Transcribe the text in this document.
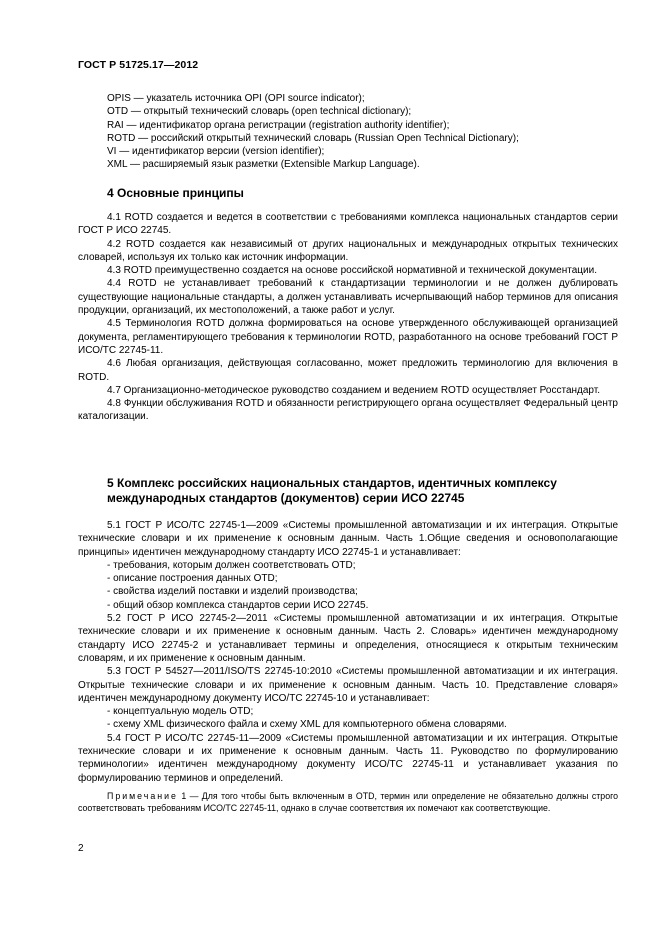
ГОСТ Р 51725.17—2012
OPIS — указатель источника OPI (OPI source indicator);
OTD — открытый технический словарь (open technical dictionary);
RAI — идентификатор органа регистрации (registration authority identifier);
ROTD — российский открытый технический словарь (Russian Open Technical Dictionary);
VI — идентификатор версии (version identifier);
XML — расширяемый язык разметки (Extensible Markup Language).
4 Основные принципы

4.1 ROTD создается и ведется в соответствии с требованиями комплекса национальных стандартов серии ГОСТ Р ИСО 22745.

4.2 ROTD создается как независимый от других национальных и международных открытых технических словарей, используя их только как источник информации.

4.3 ROTD преимущественно создается на основе российской нормативной и технической документации.

4.4 ROTD не устанавливает требований к стандартизации терминологии и не должен дублировать существующие национальные стандарты, а должен устанавливать исчерпывающий набор терминов для описания продукции, организаций, их местоположений, а также работ и услуг.

4.5 Терминология ROTD должна формироваться на основе утвержденного обслуживающей организацией документа, регламентирующего требования к терминологии ROTD, разработанного на основе требований ГОСТ Р ИСО/ТС 22745-11.

4.6 Любая организация, действующая согласованно, может предложить терминологию для включения в ROTD.

4.7 Организационно-методическое руководство созданием и ведением ROTD осуществляет Росстандарт.

4.8 Функции обслуживания ROTD и обязанности регистрирующего органа осуществляет Федеральный центр каталогизации.

5 Комплекс российских национальных стандартов, идентичных комплексу международных стандартов (документов) серии ИСО 22745

5.1 ГОСТ Р ИСО/ТС 22745-1—2009 «Системы промышленной автоматизации и их интеграция. Открытые технические словари и их применение к основным данным. Часть 1.Общие сведения и основополагающие принципы» идентичен международному стандарту ИСО 22745-1 и устанавливает:

- требования, которым должен соответствовать OTD;

- описание построения данных OTD;

- свойства изделий поставки и изделий производства;

- общий обзор комплекса стандартов серии ИСО 22745.

5.2 ГОСТ Р ИСО 22745-2—2011 «Системы промышленной автоматизации и их интеграция. Открытые технические словари и их применение к основным данным. Часть 2. Словарь» идентичен международному стандарту ИСО 22745-2 и устанавливает термины и определения, относящиеся к открытым техническим словарям, и их применение к основным данным.

5.3 ГОСТ Р 54527—2011/ISO/TS 22745-10:2010 «Системы промышленной автоматизации и их интеграция. Открытые технические словари и их применение к основным данным. Часть 10. Представление словаря» идентичен международному документу ИСО/ТС 22745-10 и устанавливает:

- концептуальную модель OTD;

- схему XML физического файла и схему XML для компьютерного обмена словарями.

5.4 ГОСТ Р ИСО/ТС 22745-11—2009 «Системы промышленной автоматизации и их интеграция. Открытые технические словари и их применение к основным данным. Часть 11. Руководство по формулированию терминологии» идентичен международному документу ИСО/ТС 22745-11 и устанавливает указания по формулированию терминов и определений.

Примечание 1 — Для того чтобы быть включенным в OTD, термин или определение не обязательно должны строго соответствовать требованиям ИСО/ТС 22745-11, однако в случае соответствия их помечают как соответствующие.

2
